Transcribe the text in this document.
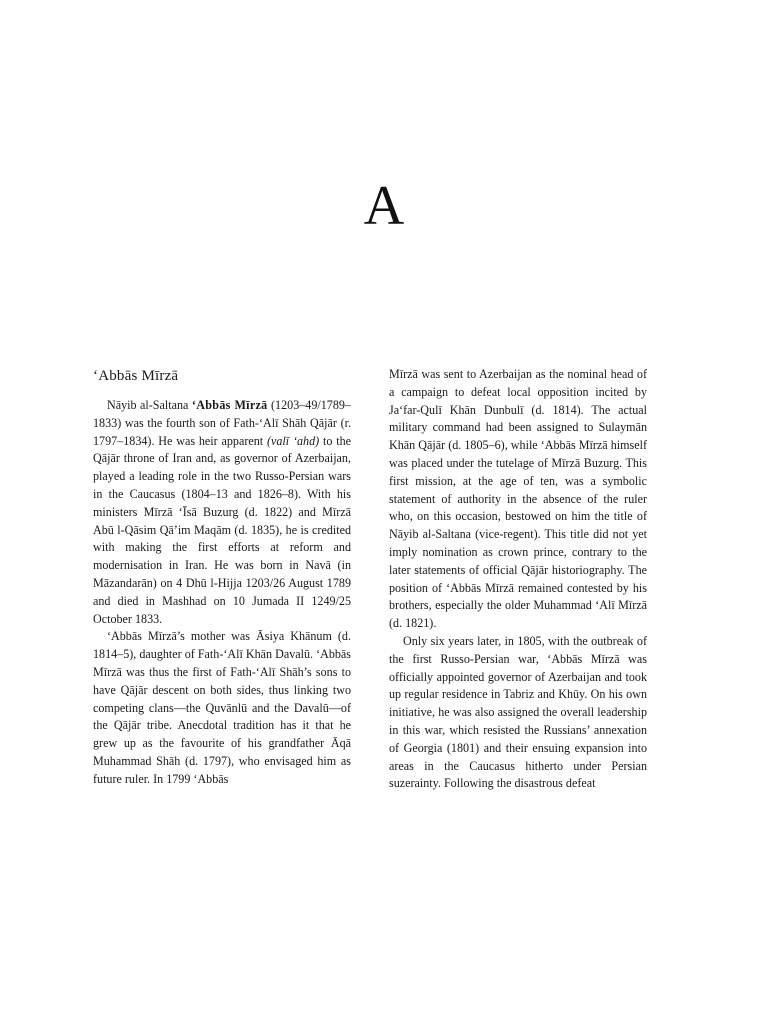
A
‘Abbās Mīrzā

Nāyib al-Saltana ‘Abbās Mīrzā (1203–49/1789–1833) was the fourth son of Fath-‘Alī Shāh Qājār (r. 1797–1834). He was heir apparent (valī ‘ahd) to the Qājār throne of Iran and, as governor of Azerbaijan, played a leading role in the two Russo-Persian wars in the Caucasus (1804–13 and 1826–8). With his ministers Mīrzā ‘Īsā Buzurg (d. 1822) and Mīrzā Abū l-Qāsim Qā’im Maqām (d. 1835), he is credited with making the first efforts at reform and modernisation in Iran. He was born in Navā (in Māzandarān) on 4 Dhū l-Hijja 1203/26 August 1789 and died in Mashhad on 10 Jumada II 1249/25 October 1833.

‘Abbās Mīrzā’s mother was Āsiya Khānum (d. 1814–5), daughter of Fath-‘Alī Khān Davalū. ‘Abbās Mīrzā was thus the first of Fath-‘Alī Shāh’s sons to have Qājār descent on both sides, thus linking two competing clans—the Quvānlū and the Davalū—of the Qājār tribe. Anecdotal tradition has it that he grew up as the favourite of his grandfather Āqā Muhammad Shāh (d. 1797), who envisaged him as future ruler. In 1799 ‘Abbās

Mīrzā was sent to Azerbaijan as the nominal head of a campaign to defeat local opposition incited by Ja‘far-Qulī Khān Dunbulī (d. 1814). The actual military command had been assigned to Sulaymān Khān Qājār (d. 1805–6), while ‘Abbās Mīrzā himself was placed under the tutelage of Mīrzā Buzurg. This first mission, at the age of ten, was a symbolic statement of authority in the absence of the ruler who, on this occasion, bestowed on him the title of Nāyib al-Saltana (vice-regent). This title did not yet imply nomination as crown prince, contrary to the later statements of official Qājār historiography. The position of ‘Abbās Mīrzā remained contested by his brothers, especially the older Muhammad ‘Alī Mīrzā (d. 1821).

Only six years later, in 1805, with the outbreak of the first Russo-Persian war, ‘Abbās Mīrzā was officially appointed governor of Azerbaijan and took up regular residence in Tabriz and Khūy. On his own initiative, he was also assigned the overall leadership in this war, which resisted the Russians’ annexation of Georgia (1801) and their ensuing expansion into areas in the Caucasus hitherto under Persian suzerainty. Following the disastrous defeat
